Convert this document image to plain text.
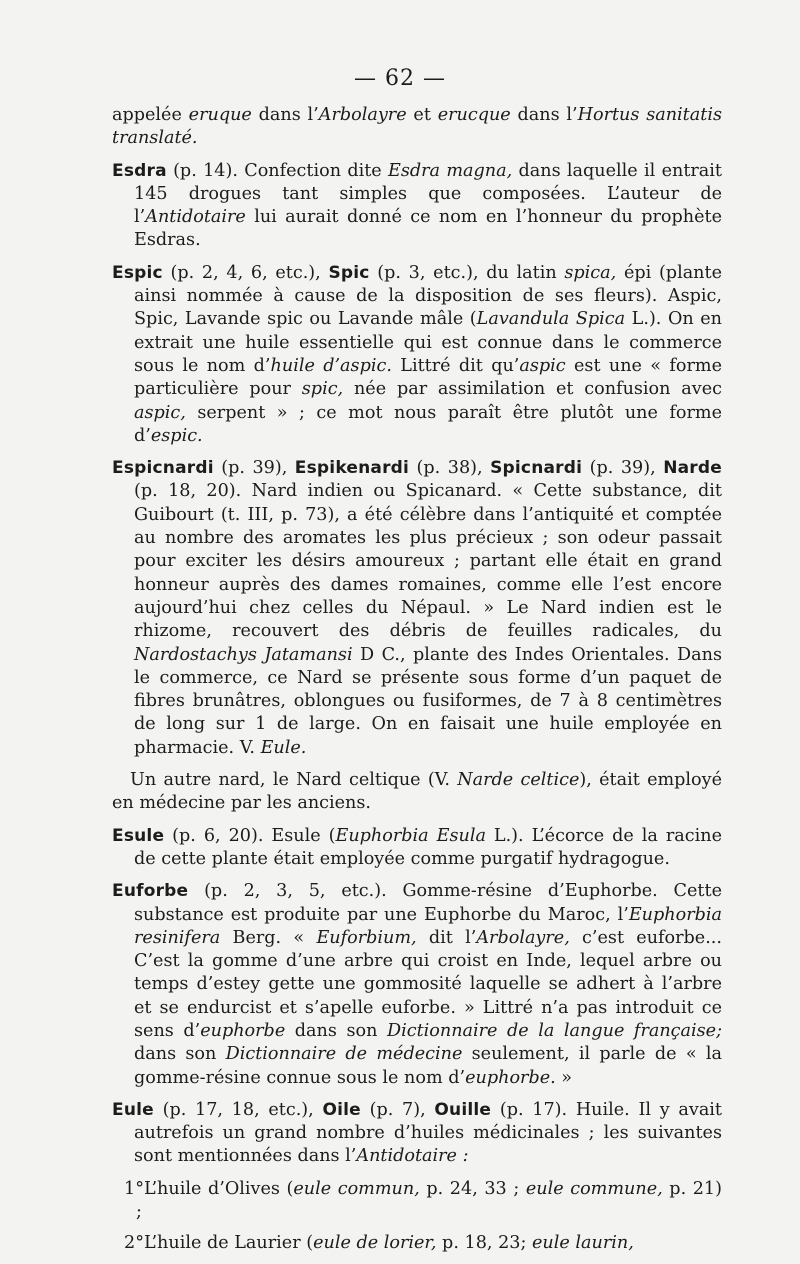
— 62 —

appelée eruque dans l’Arbolayre et erucque dans l’Hortus sanitatis translaté.

Esdra (p. 14). Confection dite Esdra magna, dans laquelle il entrait 145 drogues tant simples que composées. L’auteur de l’Antidotaire lui aurait donné ce nom en l’honneur du prophète Esdras.

Espic (p. 2, 4, 6, etc.), Spic (p. 3, etc.), du latin spica, épi (plante ainsi nommée à cause de la disposition de ses fleurs). Aspic, Spic, Lavande spic ou Lavande mâle (Lavandula Spica L.). On en extrait une huile essentielle qui est connue dans le commerce sous le nom d’huile d’aspic. Littré dit qu’aspic est une « forme particulière pour spic, née par assimilation et confusion avec aspic, serpent » ; ce mot nous paraît être plutôt une forme d’espic.

Espicnardi (p. 39), Espikenardi (p. 38), Spicnardi (p. 39), Narde (p. 18, 20). Nard indien ou Spicanard. « Cette substance, dit Guibourt (t. III, p. 73), a été célèbre dans l’antiquité et comptée au nombre des aromates les plus précieux ; son odeur passait pour exciter les désirs amoureux ; partant elle était en grand honneur auprès des dames romaines, comme elle l’est encore aujourd’hui chez celles du Népaul. » Le Nard indien est le rhizome, recouvert des débris de feuilles radicales, du Nardostachys Jatamansi D C., plante des Indes Orientales. Dans le commerce, ce Nard se présente sous forme d’un paquet de fibres brunâtres, oblongues ou fusiformes, de 7 à 8 centimètres de long sur 1 de large. On en faisait une huile employée en pharmacie. V. Eule.

Un autre nard, le Nard celtique (V. Narde celtice), était employé en médecine par les anciens.

Esule (p. 6, 20). Esule (Euphorbia Esula L.). L’écorce de la racine de cette plante était employée comme purgatif hydragogue.

Euforbe (p. 2, 3, 5, etc.). Gomme-résine d’Euphorbe. Cette substance est produite par une Euphorbe du Maroc, l’Euphorbia resinifera Berg. « Euforbium, dit l’Arbolayre, c’est euforbe... C’est la gomme d’une arbre qui croist en Inde, lequel arbre ou temps d’estey gette une gommosité laquelle se adhert à l’arbre et se endurcist et s’apelle euforbe. » Littré n’a pas introduit ce sens d’euphorbe dans son Dictionnaire de la langue française; dans son Dictionnaire de médecine seulement, il parle de « la gomme-résine connue sous le nom d’euphorbe. »

Eule (p. 17, 18, etc.), Oile (p. 7), Ouille (p. 17). Huile. Il y avait autrefois un grand nombre d’huiles médicinales ; les suivantes sont mentionnées dans l’Antidotaire :

1°L’huile d’Olives (eule commun, p. 24, 33 ; eule commune, p. 21) ;

2°L’huile de Laurier (eule de lorier, p. 18, 23; eule laurin,
